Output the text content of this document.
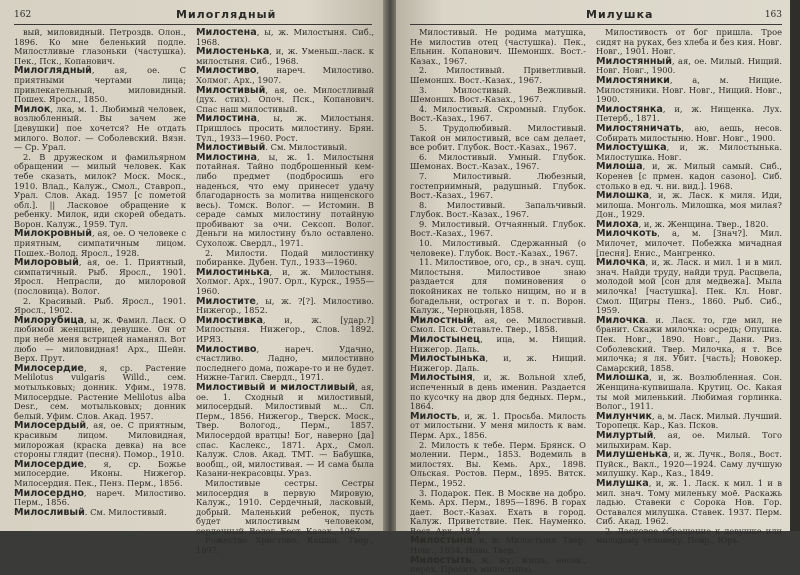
162	Милоглядный

вый, миловидный. Петроздв. Олон., 1896. Ко мне беленький подле. Милостливые глазоньки (частушка). Пек., Пск., Копанович.

Милоглядный, ая, ое. С приятными чертами лица; привлекательный, миловидный. Пошех. Яросл., 1850.

Милок, лка, м. 1. Любимый человек, возлюбленный. Вы зачем же [девушки] пое хочется? Не отдать милого. Волог. — Соболевский. Вязн. — Ср. Урал.

2. В дружеском и фамильярном обращении — милый человек. Как тебе сказать, милок? Моск. Моск., 1910. Влад., Калуж., Смол., Ставроп., Урал. Слов. Акад. 1957 [с пометой обл.]. || Ласковое обращение к ребенку. Милок, иди скорей обедать. Ворон. Калуж., 1959. Тул.

Милокровный, ая, ое. О человеке с приятным, симпатичным лицом. Пошех.-Волод. Яросл., 1928.

Милоровый, ая, ое. 1. Приятный, симпатичный. Рыб. Яросл., 1901. Яросл. Непрасли, до милоровой (пословица). Волог.

2. Красивый. Рыб. Яросл., 1901. Яросл., 1902.

Милорубица, ы, ж. Фамил. Ласк. О любимой женщине, девушке. Он от при небе меня встрицей наманял. Вот любо — миловидная! Арх., Шейн. Верх. Прут.

Милосердие, я, ср. Растение Melilotus vulgaris Willd., сем. мотыльковых; донник. Уфим., 1978. Милосердые. Растение Melilotus alba Desr., сем. мотыльковых; донник белый. Уфим. Слов. Акад. 1957.

Милосердый, ая, ое. С приятным, красивым лицом. Миловидная, милорожая (краска девка) на все стороны глядит (песня). Помор., 1910.

Милосердие, я, ср. Божье милосердие. Иконы. Нижегор. Милосердия. Пек., Пенз. Перм., 1856.

Милосердно, нареч. Милостиво. Перм., 1856.

Милосливый. См. Милостивый.

Милостена, ы, ж. Милостыня. Сиб., 1968.

Милостенька, и, ж. Уменьш.-ласк. к милостыня. Сиб., 1968.

Милостиво, нареч. Милостиво. Холмог. Арх., 1907.

Милостивый, ая, ое. Милостливый (дух. стих). Опоч. Пск., Копанович. Спас наш милостивый.

Милостина, ы, ж. Милостыня. Пришлось просить милостину. Брян. Тул., 1933—1960. Рост.

Милостивый. См. Милостивый.

Милостина, ы, ж. 1. Милостыня потайная. Тайно подброшенный кем-либо предмет (подбросишь его наденься, что ему принесет удачу благодарность за молитва нищенского весь). Томск. Волог. — Истомин. В сераде самых милостину потайную пробивают за очи. Сексоп. Волог. Деньги на милостину бъло оставлено. Сухолож. Свердл., 1971.

2. Милости. Подай милостинку побиранке. Дубен. Тул., 1933—1960.

Милостинька, и, ж. Милостыня. Холмог. Арх., 1907. Орл., Курск., 1955—1960.

Милостите, ы, ж. ?[?]. Милостиво. Нижегор., 1852.

Милостивка, и, ж. [удар.?] Милостыня. Нижегор., Слов. 1892. ИРЯЗ.

Милостиво, нареч. Удачно, счастливо. Ладно, милостивно последнего дома, пожаре-то и не будет. Нижне-Тагил. Свердл., 1971.

Милостивый и милостливый, ая, ое. 1. Сходный и милостивый, милосердый. Милостивый м... Сл. Перм., 1856. Нижегор., Тверск. Моск., Твер. Вологод., Перм., 1857. Милосердой вратцы! Бог, наверно [да] спас. Каслекс., 1871. Арх., Смол. Калуж. Слов. Акад. ТМТ. — Бабушка, вообщ., ой, милостивая. — И сама была Казани-некрасовцы. Ураз.

Милостивые сестры. Сестры милосердия в первую Мировую, Калуж., 1910. Сердечный, ласковый, добрый. Маленький ребенок, пусть будет милостивым человеком, сердечный. Волог. Бест.-Казах., 1967.

Рожество Христово. Кашин. Твер., 1897.

Милушка	163

Милостивый. Не родима матушка, Не милостив отец (частушка). Пек., Ельнин. Копанович. Шемоншх. Вост.-Казах., 1967.

2. Милостивый. Приветливый. Шемоншх. Вост.-Казах., 1967.

3. Милостивый. Вежливый. Шемоншх. Вост.-Казах., 1967.

4. Милостивый. Скромный. Глубок. Вост.-Казах., 1967.

5. Трудолюбивый. Милостивый. Такой он милостивый, все сам делает, все робит. Глубок. Вост.-Казах., 1967.

6. Милостивый. Умный. Глубок. Шемонах. Вост.-Казах., 1967.

7. Милостивый. Любезный, гостеприимный, радушный. Глубок. Вост.-Казах., 1967.

8. Милостивый. Запальчивый. Глубок. Вост.-Казах., 1967.

9. Милостивый. Отчаянный. Глубок. Вост.-Казах., 1967.

10. Милостивый. Сдержанный (о человеке). Глубок. Вост.-Казах., 1967.

11. Милостивое, ого, ср., в знач. сущ. Милостыня. Милостивое знаю раздается для поминовения о покойниках не только нищим, но и в богадельни, острогах и т. п. Ворон. Калуж., Черноцьян, 1858.

Милостный, ая, ое. Милостивый. Смол. Пск. Оставьте. Твер., 1858.

Милостынец, ица, м. Нищий. Нижегор. Даль.

Милостынька, и, ж. Нищий. Нижегор. Даль.

Милостыня, и, ж. Вольной хлеб, испеченный в день именин. Раздается по кусочку на двор для бедных. Перм., 1864.

Милость, и, ж. 1. Просьба. Милость от милостыни. У меня милость к вам. Перм. Арх., 1856.

2. Милость к тебе. Перм. Брянск. О молении. Перм., 1853. Водемиль в милостях. Вы. Кемь. Арх., 1898. Ольская. Ростов. Перм., 1895. Вятск. Перм., 1952.

3. Подарок. Пек. В Москве на добро. Кемь. Арх. Перм., 1895—1896. В горах дает. Вост.-Казах. Ехать в город. Калуж. Приветствие. Пек. Науменко. Вост. Арх., 1874.

Милостыня, и, ж. Милостыня. Твер. Новг., 1854. Ново. Твер.

Милостыть, ж, жу, жишь, несов., перех. Просить милостыню.

Милостивость от бог пришла. Трое сидят на руках, без хлеба и без кия. Новг. Новг., 1901. Новг.

Милостянный, ая, ое. Милый. Нищий. Новг. Новг., 1900.

Милостяники, а, м. Нищие. Милостяники. Новг. Новг., Нищий. Новг., 1900.

Милостянка, и, ж. Нищенка. Лух. Петерб., 1871.

Милостяничать, аю, аешь, несов. Собирать милостыню. Новг. Новг., 1900.

Милостушка, и, ж. Милостынька. Милостушка. Новг.

Милоша, и, ж. Милый самый. Сиб., Коренев [с прмен. кадон сазоно]. Сиб. столько в ед. ч. ни. вид.]. 1968.

Милошка, и, ж. Ласк. к миля. Иди, милоша. Монголь. Милошка, моя милая? Дон., 1929.

Милоха, и, ж. Женщина. Твер., 1820.

Милочкоть, а, м. [Знач?]. Мил. Милочет, милочет. Побежка мичадная [песня]. Енис., Мангренко.

Милочка, и, ж. Ласк. и мил. 1 и в мил. знач. Найди труду, найди труд. Расцвела, молодой мой [сон для медвежа]. Мыла милочка! [частушка]. Пек. Кл. Новг. Смол. Щигры Пенз., 1860. Рыб. Сиб., 1959.

Милочка. и. Ласк. то, где мил, не бранит. Скажи милочка: осредь; Опушка. Пек. Новг., 1890. Новг., Дани. Риз. Соболевский. Твер. Милочка, я т. Все милочка; я ля. Убит. [часть]; Новокер. Самарский, 1858.

Милошка, и, ж. Возлюбленная. Сон. Женщина-купвишала. Крутиц. Ос. Какая ты мой миленький. Любимая горлинка. Волог., 1911.

Милунчик, а, м. Ласк. Милый. Лучший. Торопецк. Кар., Каз. Псков.

Милуртый, ая, ое. Милый. Того милыхирам. Кар.

Милушенька, и, ж. Лучк., Воля., Вост. Пуйск., Вакл., 1920—1924. Саму лучшую милушку. Кар., Каз., 1849.

Милушка, и, ж. 1. Ласк. к мил. 1 и в мил. знач. Тому миленьку моё. Раскажь ладью. Ставеки с Сорока Нов. Гор. Оставался милушка. Ставек. 1937. Перм. Сиб. Акад. 1962.

2. Ласковое обращение к девушке или молодому человеку. Повр., Юрь.
